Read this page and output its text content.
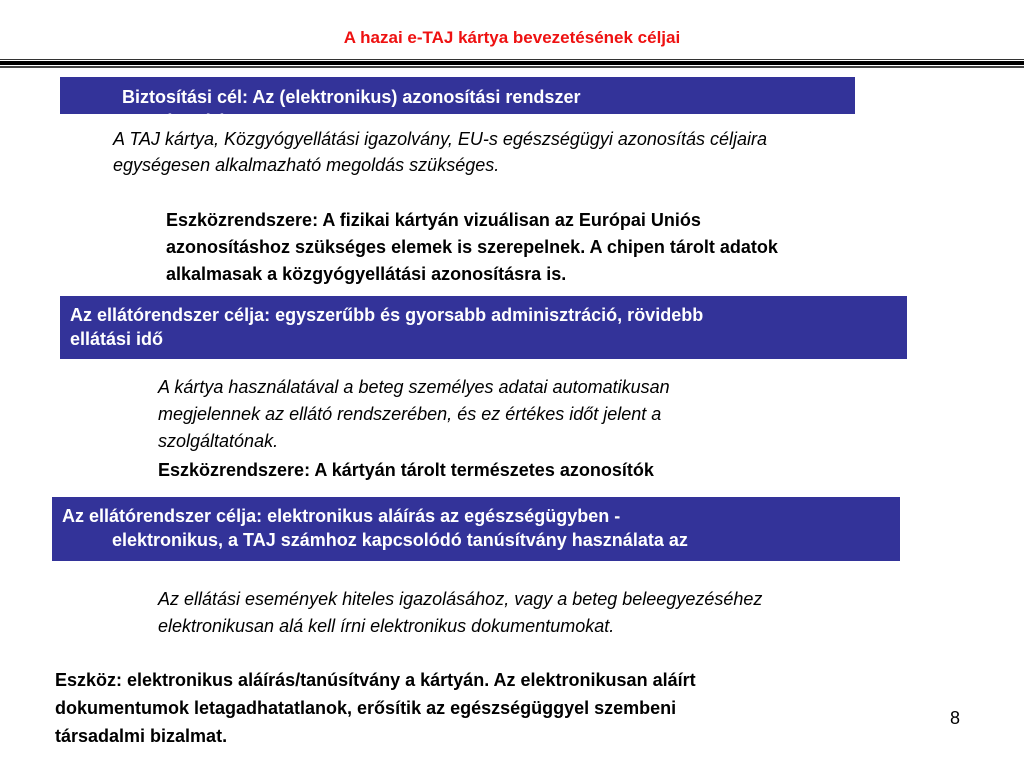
A hazai e-TAJ kártya bevezetésének céljai
Biztosítási cél: Az (elektronikus) azonosítási rendszer
egységesítése
A TAJ kártya, Közgyógyellátási igazolvány, EU-s egészségügyi azonosítás céljaira
egységesen alkalmazható megoldás szükséges.
Eszközrendszere: A fizikai kártyán vizuálisan az Európai Uniós
azonosításhoz szükséges elemek is szerepelnek. A chipen tárolt adatok
alkalmasak a közgyógyellátási azonosításra is.
Az ellátórendszer célja: egyszerűbb és gyorsabb adminisztráció, rövidebb
ellátási idő
A kártya használatával a beteg személyes adatai automatikusan
megjelennek az ellátó rendszerében, és ez értékes időt jelent a
szolgáltatónak.
Eszközrendszere: A kártyán tárolt természetes azonosítók
Az ellátórendszer célja: elektronikus aláírás az egészségügyben -
elektronikus, a TAJ számhoz kapcsolódó tanúsítvány használata az
Az ellátási események hiteles igazolásához, vagy a beteg beleegyezéséhez
elektronikusan alá kell írni elektronikus dokumentumokat.
Eszköz: elektronikus aláírás/tanúsítvány a kártyán. Az elektronikusan aláírt
dokumentumok letagadhatatlanok, erősítik az egészségüggyel szembeni
társadalmi bizalmat.
8
